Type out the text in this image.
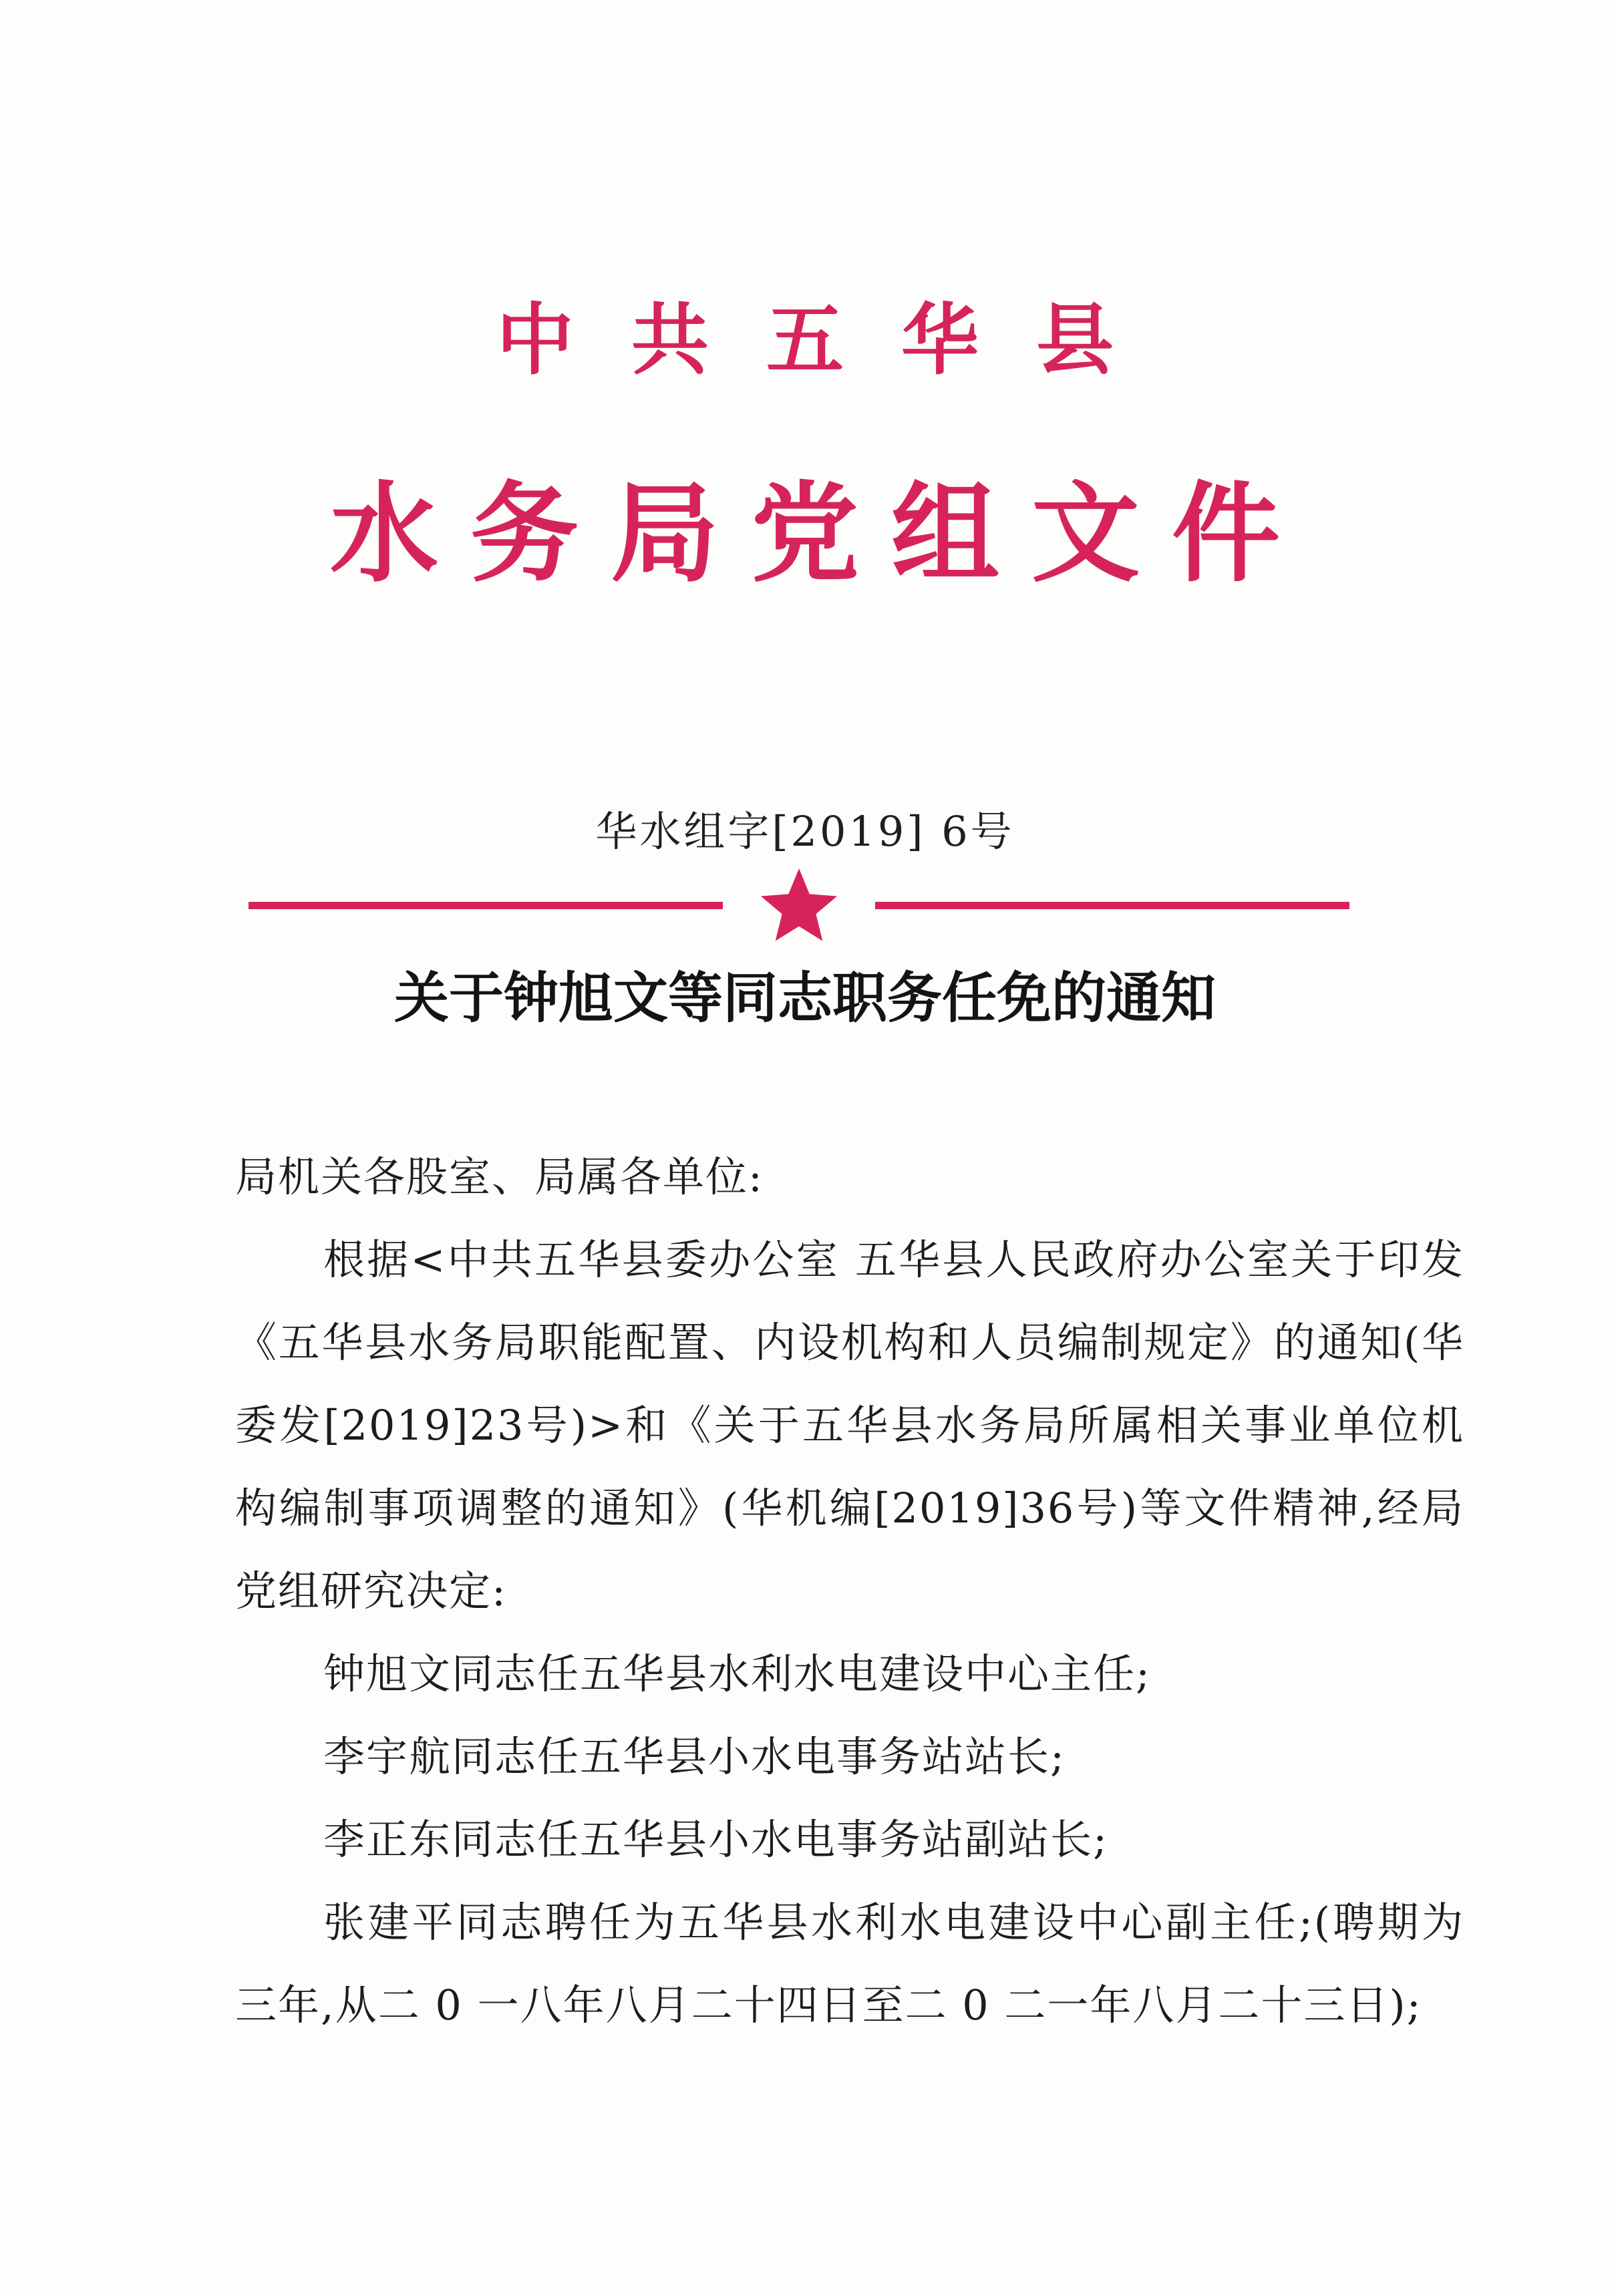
中共五华县
水务局党组文件
华水组字[2019] 6号
关于钟旭文等同志职务任免的通知

局机关各股室、局属各单位:

根据<中共五华县委办公室 五华县人民政府办公室关于印发《五华县水务局职能配置、内设机构和人员编制规定》的通知(华委发[2019]23号)>和《关于五华县水务局所属相关事业单位机构编制事项调整的通知》(华机编[2019]36号)等文件精神,经局党组研究决定:

钟旭文同志任五华县水利水电建设中心主任;

李宇航同志任五华县小水电事务站站长;

李正东同志任五华县小水电事务站副站长;

张建平同志聘任为五华县水利水电建设中心副主任;(聘期为三年,从二 0 一八年八月二十四日至二 0 二一年八月二十三日);
